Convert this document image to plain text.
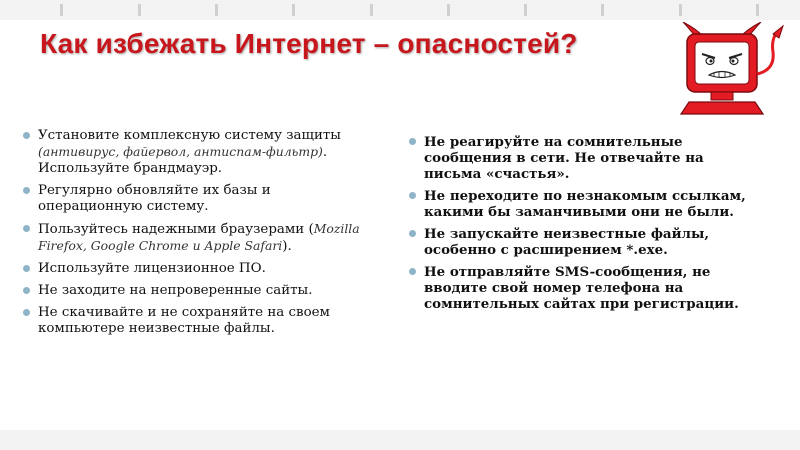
Как избежать Интернет – опасностей?
Установите комплексную систему защиты (антивирус, файервол, антиспам-фильтр). Используйте брандмауэр.
Регулярно обновляйте их базы и операционную систему.
Пользуйтесь надежными браузерами (Mozilla Firefox, Google Chrome и Apple Safari).
Используйте лицензионное ПО.
Не заходите на непроверенные сайты.
Не скачивайте и не сохраняйте на своем компьютере неизвестные файлы.
Не реагируйте на сомнительные сообщения в сети. Не отвечайте на письма «счастья».
Не переходите по незнакомым ссылкам, какими бы заманчивыми они не были.
Не запускайте неизвестные файлы, особенно с расширением *.exe.
Не отправляйте SMS-сообщения, не вводите свой номер телефона на сомнительных сайтах при регистрации.
